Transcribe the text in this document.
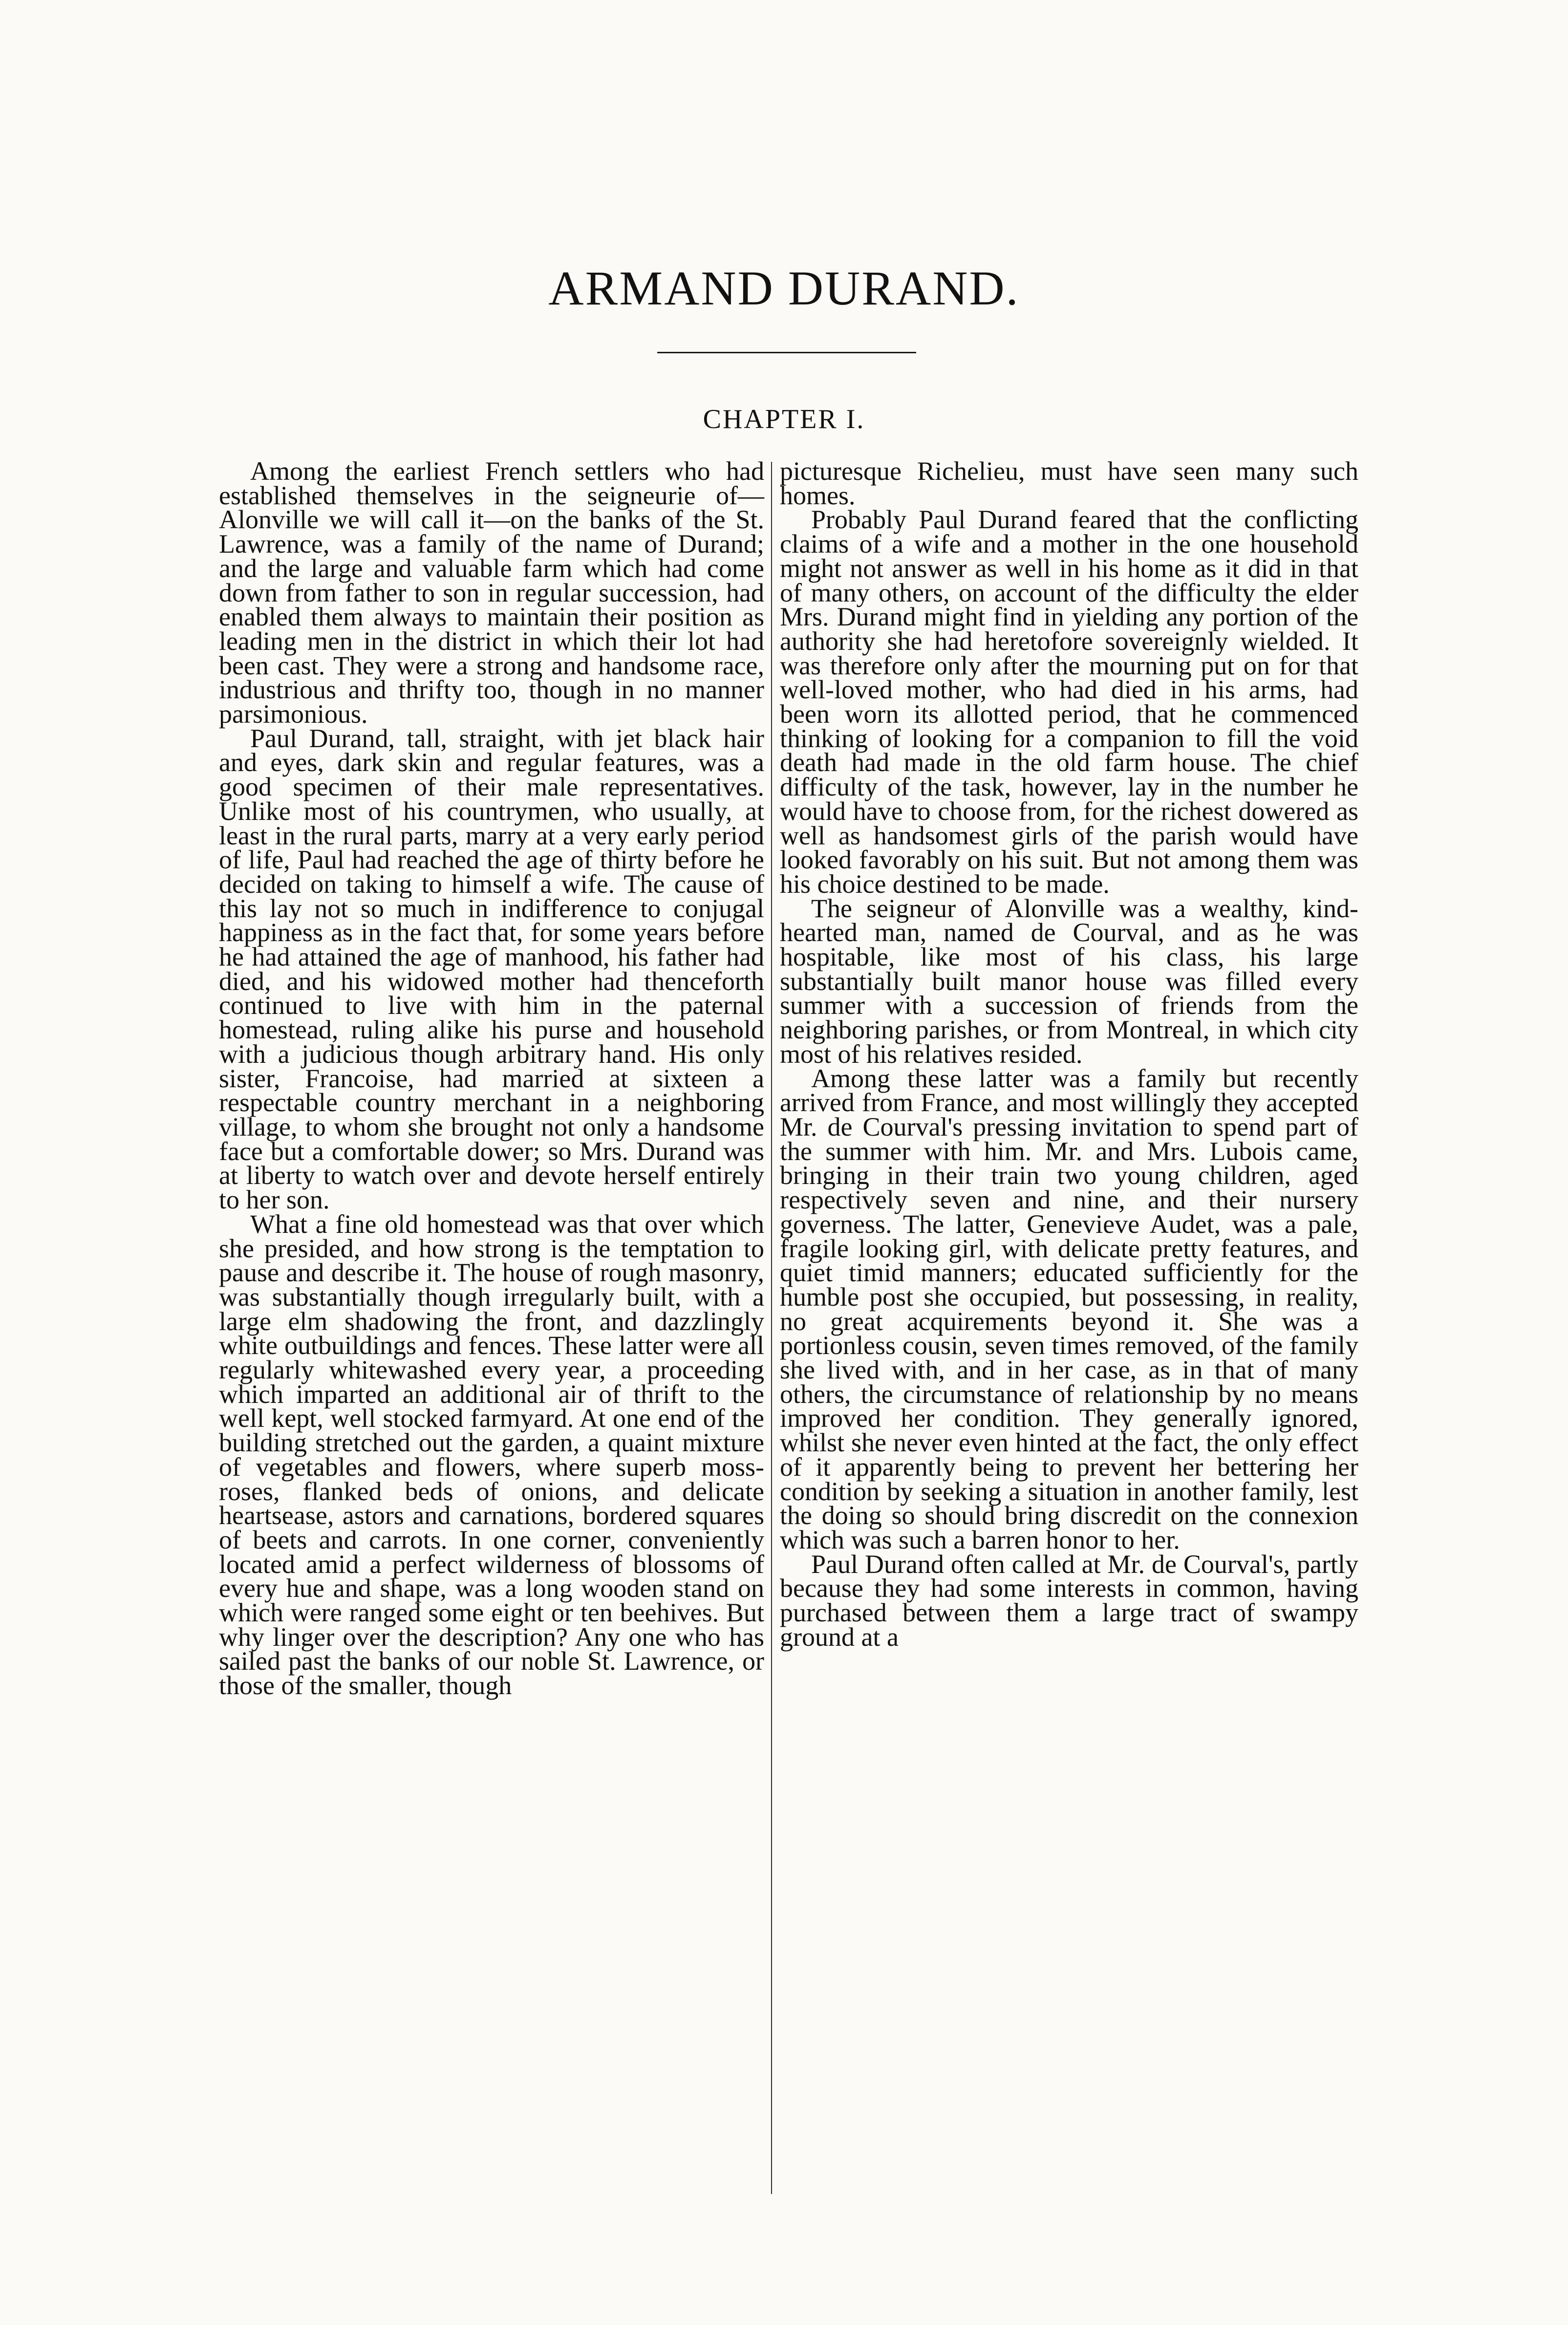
ARMAND DURAND.
CHAPTER I.

Among the earliest French settlers who had established themselves in the seigneurie of—Alonville we will call it—on the banks of the St. Lawrence, was a family of the name of Durand; and the large and valuable farm which had come down from father to son in regular succession, had enabled them always to maintain their position as leading men in the district in which their lot had been cast. They were a strong and handsome race, industrious and thrifty too, though in no manner parsimonious.

Paul Durand, tall, straight, with jet black hair and eyes, dark skin and regular features, was a good specimen of their male representatives. Unlike most of his countrymen, who usually, at least in the rural parts, marry at a very early period of life, Paul had reached the age of thirty before he decided on taking to himself a wife. The cause of this lay not so much in indifference to conjugal happiness as in the fact that, for some years before he had attained the age of manhood, his father had died, and his widowed mother had thenceforth continued to live with him in the paternal homestead, ruling alike his purse and household with a judicious though arbitrary hand. His only sister, Francoise, had married at sixteen a respectable country merchant in a neighboring village, to whom she brought not only a handsome face but a comfortable dower; so Mrs. Durand was at liberty to watch over and devote herself entirely to her son.

What a fine old homestead was that over which she presided, and how strong is the temptation to pause and describe it. The house of rough masonry, was substantially though irregularly built, with a large elm shadowing the front, and dazzlingly white outbuildings and fences. These latter were all regularly whitewashed every year, a proceeding which imparted an additional air of thrift to the well kept, well stocked farmyard. At one end of the building stretched out the garden, a quaint mixture of vegetables and flowers, where superb moss-roses, flanked beds of onions, and delicate heartsease, astors and carnations, bordered squares of beets and carrots. In one corner, conveniently located amid a perfect wilderness of blossoms of every hue and shape, was a long wooden stand on which were ranged some eight or ten beehives. But why linger over the description? Any one who has sailed past the banks of our noble St. Lawrence, or those of the smaller, though

picturesque Richelieu, must have seen many such homes.

Probably Paul Durand feared that the conflicting claims of a wife and a mother in the one household might not answer as well in his home as it did in that of many others, on account of the difficulty the elder Mrs. Durand might find in yielding any portion of the authority she had heretofore sovereignly wielded. It was therefore only after the mourning put on for that well-loved mother, who had died in his arms, had been worn its allotted period, that he commenced thinking of looking for a companion to fill the void death had made in the old farm house. The chief difficulty of the task, however, lay in the number he would have to choose from, for the richest dowered as well as handsomest girls of the parish would have looked favorably on his suit. But not among them was his choice destined to be made.

The seigneur of Alonville was a wealthy, kind-hearted man, named de Courval, and as he was hospitable, like most of his class, his large substantially built manor house was filled every summer with a succession of friends from the neighboring parishes, or from Montreal, in which city most of his relatives resided.

Among these latter was a family but recently arrived from France, and most willingly they accepted Mr. de Courval's pressing invitation to spend part of the summer with him. Mr. and Mrs. Lubois came, bringing in their train two young children, aged respectively seven and nine, and their nursery governess. The latter, Genevieve Audet, was a pale, fragile looking girl, with delicate pretty features, and quiet timid manners; educated sufficiently for the humble post she occupied, but possessing, in reality, no great acquirements beyond it. She was a portionless cousin, seven times removed, of the family she lived with, and in her case, as in that of many others, the circumstance of relationship by no means improved her condition. They generally ignored, whilst she never even hinted at the fact, the only effect of it apparently being to prevent her bettering her condition by seeking a situation in another family, lest the doing so should bring discredit on the connexion which was such a barren honor to her.

Paul Durand often called at Mr. de Courval's, partly because they had some interests in common, having purchased between them a large tract of swampy ground at a
